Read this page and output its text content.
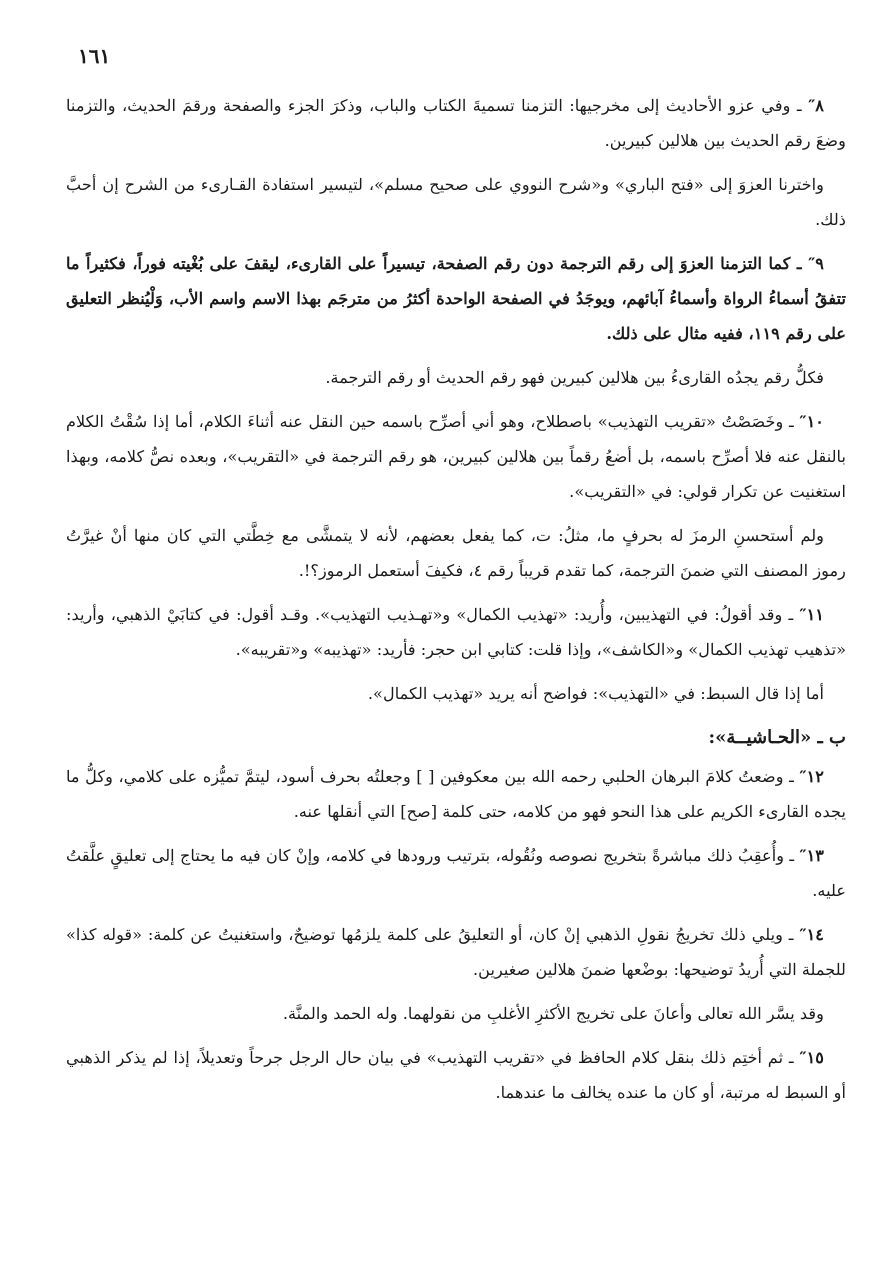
١٦١

٨″ ـ وفي عزو الأحاديث إلى مخرجيها: التزمنا تسميةَ الكتاب والباب، وذكرَ الجزء والصفحة ورقمَ الحديث، والتزمنا وضعَ رقم الحديث بين هلالين كبيرين.

واخترنا العزوَ إلى «فتح الباري» و«شرح النووي على صحيح مسلم»، لتيسير استفادة القـارىء من الشرح إن أحبَّ ذلك.

٩″ ـ كما التزمنا العزوَ إلى رقم الترجمة دون رقم الصفحة، تيسيراً على القارىء، ليقفَ على بُغْيته فوراً، فكثيراً ما تتفقُ أسماءُ الرواة وأسماءُ آبائهم، ويوجَدُ في الصفحة الواحدة أكثرُ من مترجَم بهذا الاسم واسم الأب، وَلْيُنظر التعليق على رقم ١١٩، ففيه مثال على ذلك.

فكلُّ رقم يجدُه القارىءُ بين هلالين كبيرين فهو رقم الحديث أو رقم الترجمة.

١٠″ ـ وخَصَصْتُ «تقريب التهذيب» باصطلاح، وهو أني أصرِّح باسمه حين النقل عنه أثناءَ الكلام، أما إذا سُقْتُ الكلام بالنقل عنه فلا أصرِّح باسمه، بل أضعُ رقماً بين هلالين كبيرين، هو رقم الترجمة في «التقريب»، وبعده نصُّ كلامه، وبهذا استغنيت عن تكرار قولي: في «التقريب».

ولم أستحسنِ الرمزَ له بحرفٍ ما، مثلُ: ت، كما يفعل بعضهم، لأنه لا يتمشَّى مع خِطَّتي التي كان منها أنْ غيرَّتُ رموز المصنف التي ضمنَ الترجمة، كما تقدم قريباً رقم ٤، فكيفَ أستعمل الرموز؟!.

١١″ ـ وقد أقولُ: في التهذيبين، وأُريد: «تهذيب الكمال» و«تهـذيب التهذيب». وقـد أقول: في كتابَيْ الذهبي، وأريد: «تذهيب تهذيب الكمال» و«الكاشف»، وإذا قلت: كتابي ابن حجر: فأريد: «تهذيبه» و«تقريبه».

أما إذا قال السبط: في «التهذيب»: فواضح أنه يريد «تهذيب الكمال».

ب ـ «الحـاشيــة»:

١٢″ ـ وضعتُ كلامَ البرهان الحلبي رحمه الله بين معكوفين [ ] وجعلتُه بحرف أسود، ليتمَّ تميُّزه على كلامي، وكلُّ ما يجده القارىء الكريم على هذا النحو فهو من كلامه، حتى كلمة [صح] التي أنقلها عنه.

١٣″ ـ وأُعقِبُ ذلك مباشرةً بتخريج نصوصه ونُقُوله، بترتيب ورودها في كلامه، وإنْ كان فيه ما يحتاج إلى تعليقٍ علَّقتُ عليه.

١٤″ ـ ويلي ذلك تخريجُ نقولِ الذهبي إنْ كان، أو التعليقُ على كلمة يلزمُها توضيحٌ، واستغنيتُ عن كلمة: «قوله كذا» للجملة التي أُريدُ توضيحها: بوضْعها ضمنَ هلالين صغيرين.

وقد يسَّر الله تعالى وأعانَ على تخريج الأكثرِ الأغلبِ من نقولهما. وله الحمد والمنَّة.

١٥″ ـ ثم أختِم ذلك بنقل كلام الحافظ في «تقريب التهذيب» في بيان حال الرجل جرحاً وتعديلاً، إذا لم يذكر الذهبي أو السبط له مرتبة، أو كان ما عنده يخالف ما عندهما.
